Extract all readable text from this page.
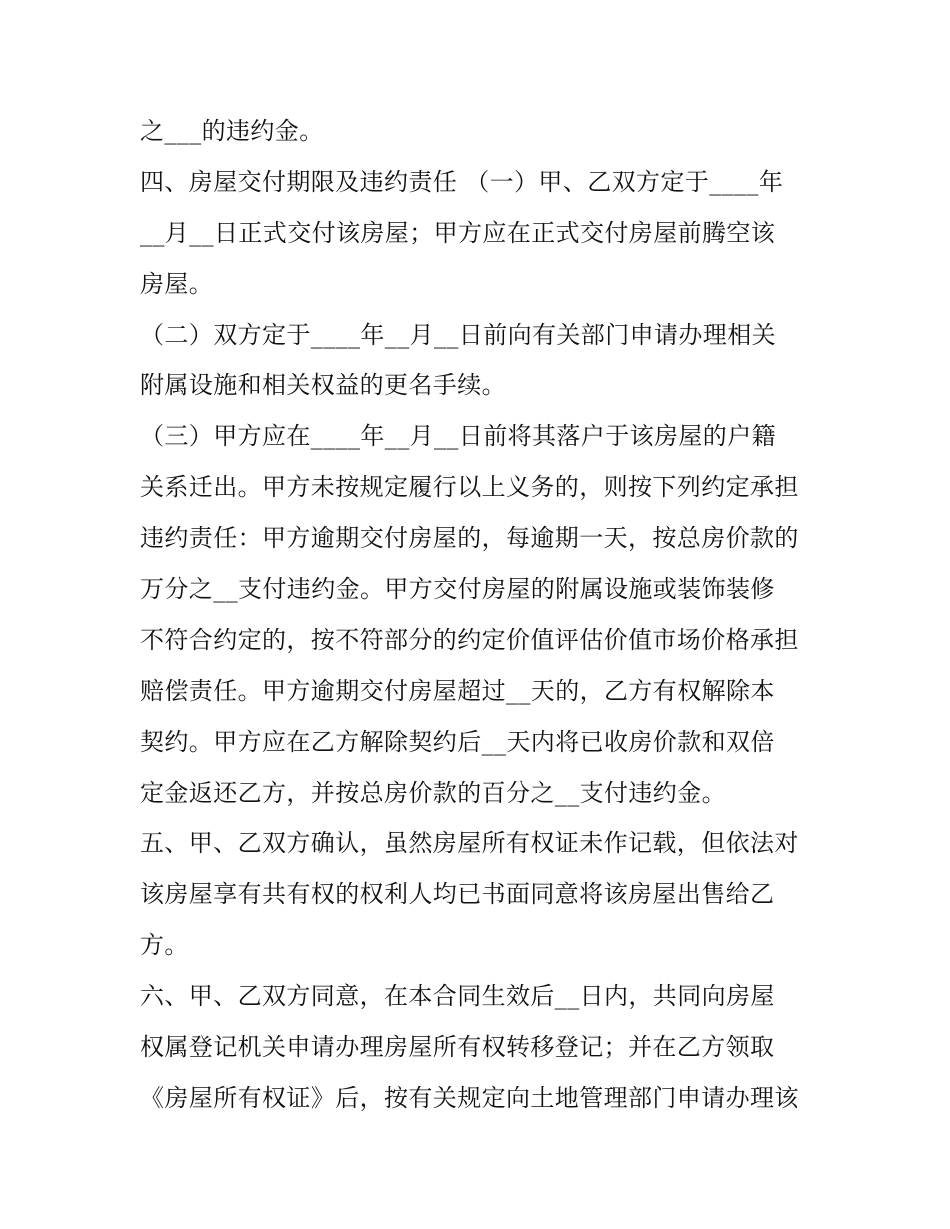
之___的违约金。
四、房屋交付期限及违约责任 （一）甲、乙双方定于____年
__月__日正式交付该房屋；甲方应在正式交付房屋前腾空该
房屋。
（二）双方定于____年__月__日前向有关部门申请办理相关
附属设施和相关权益的更名手续。
（三）甲方应在____年__月__日前将其落户于该房屋的户籍
关系迁出。甲方未按规定履行以上义务的，则按下列约定承担
违约责任：甲方逾期交付房屋的，每逾期一天，按总房价款的
万分之__支付违约金。甲方交付房屋的附属设施或装饰装修
不符合约定的，按不符部分的约定价值评估价值市场价格承担
赔偿责任。甲方逾期交付房屋超过__天的，乙方有权解除本
契约。甲方应在乙方解除契约后__天内将已收房价款和双倍
定金返还乙方，并按总房价款的百分之__支付违约金。
五、甲、乙双方确认，虽然房屋所有权证未作记载，但依法对
该房屋享有共有权的权利人均已书面同意将该房屋出售给乙
方。
六、甲、乙双方同意，在本合同生效后__日内，共同向房屋
权属登记机关申请办理房屋所有权转移登记；并在乙方领取
《房屋所有权证》后，按有关规定向土地管理部门申请办理该
